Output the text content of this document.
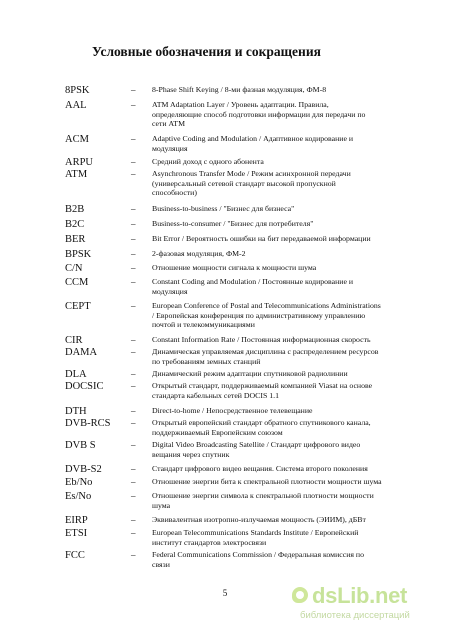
Условные обозначения и сокращения
8PSK	– 8-Phase Shift Keying / 8-ми фазная модуляция, ФМ-8
AAL	– ATM Adaptation Layer / Уровень адаптации. Правила,
определяющие способ подготовки информации для передачи по
сети ATM
ACM	– Adaptive Coding and Modulation / Адаптивное кодирование и
модуляция
ARPU	– Средний доход с одного абонента
ATM	– Asynchronous Transfer Mode / Режим асинхронной передачи
(универсальный сетевой стандарт высокой пропускной
способности)
B2B	– Business-to-business / "Бизнес для бизнеса"
B2C	– Business-to-consumer / "Бизнес для потребителя"
BER	– Bit Error / Вероятность ошибки на бит передаваемой информации
BPSK	– 2-фазовая модуляция, ФМ-2
C/N	– Отношение мощности сигнала к мощности шума
CCM	– Constant Coding and Modulation / Постоянные кодирование и
модуляция
CEPT	– European Conference of Postal and Telecommunications Administrations
/ Европейская конференция по административному управлению
почтой и телекоммуникациями
CIR	– Constant Information Rate / Постоянная информационная скорость
DAMA	– Динамическая управляемая дисциплина с распределением ресурсов
по требованиям земных станций
DLA	– Динамический режим адаптации спутниковой радиолинии
DOCSIC	– Открытый стандарт, поддерживаемый компанией Viasat на основе
стандарта кабельных сетей DOCIS 1.1
DTH	– Direct-to-home / Непосредственное телевещание
DVB-RCS – Открытый европейский стандарт обратного спутникового канала,
поддерживаемый Европейским союзом
DVB S	– Digital Video Broadcasting Satellite / Стандарт цифрового видео
вещания через спутник
DVB-S2	– Стандарт цифрового видео вещания. Система второго поколения
Eb/No	– Отношение энергии бита к спектральной плотности мощности шума
Es/No	– Отношение энергии символа к спектральной плотности мощности
шума
EIRP	– Эквивалентная изотропно-излучаемая мощность (ЭИИМ), дБВт
ETSI	– European Telecommunications Standards Institute / Европейский
институт стандартов электросвязи
FCC	– Federal Communications Commission / Федеральная комиссия по
связи
5	dsLib.net
библиотека диссертаций
